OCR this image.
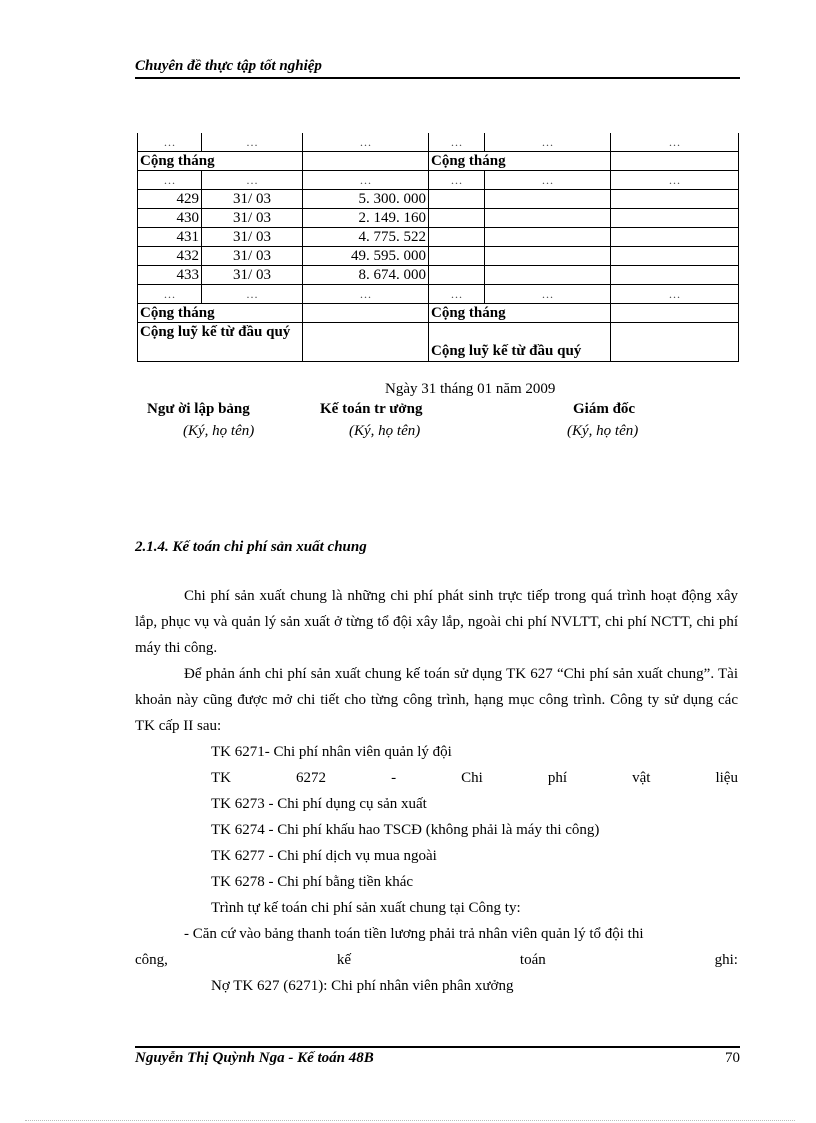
Chuyên đề thực tập tốt nghiệp
…	…	…	…	…	…
Cộng tháng			Cộng tháng		
…	…	…	…	…	…
429	31/ 03	5. 300. 000			
430	31/ 03	2. 149. 160			
431	31/ 03	4. 775. 522			
432	31/ 03	49. 595. 000			
433	31/ 03	8. 674. 000			
…	…	…	…	…	…
Cộng tháng			Cộng tháng		
Cộng luỹ kế từ đầu quý			Cộng luỹ kế từ đầu quý		
Ngày 31 tháng 01 năm 2009
Ngư ời lập bảng	Kế toán tr ưởng	Giám đốc
(Ký, họ tên)	(Ký, họ tên)	(Ký, họ tên)
2.1.4. Kế toán chi phí sản xuất chung

Chi phí sản xuất chung là những chi phí phát sinh trực tiếp trong quá trình hoạt động xây lắp, phục vụ và quản lý sản xuất ở từng tổ đội xây lắp, ngoài chi phí NVLTT, chi phí NCTT, chi phí máy thi công.

Để phản ánh chi phí sản xuất chung kế toán sử dụng TK 627 “Chi phí sản xuất chung”. Tài khoản này cũng được mở chi tiết cho từng công trình, hạng mục công trình. Công ty sử dụng các TK cấp II sau:

TK 6271- Chi phí nhân viên quản lý đội

TK	6272	-	Chi	phí	vật	liệu

TK 6273 - Chi phí dụng cụ sản xuất

TK 6274 - Chi phí khấu hao TSCĐ (không phải là máy thi công)

TK 6277 - Chi phí dịch vụ mua ngoài

TK 6278 - Chi phí bằng tiền khác

Trình tự kế toán chi phí sản xuất chung tại Công ty:

- Căn cứ vào bảng thanh toán tiền lương phải trả nhân viên quản lý tổ đội thi

công,	kế	toán	ghi:

Nợ TK 627 (6271): Chi phí nhân viên phân xưởng

Nguyễn Thị Quỳnh Nga - Kế toán 48B	70
